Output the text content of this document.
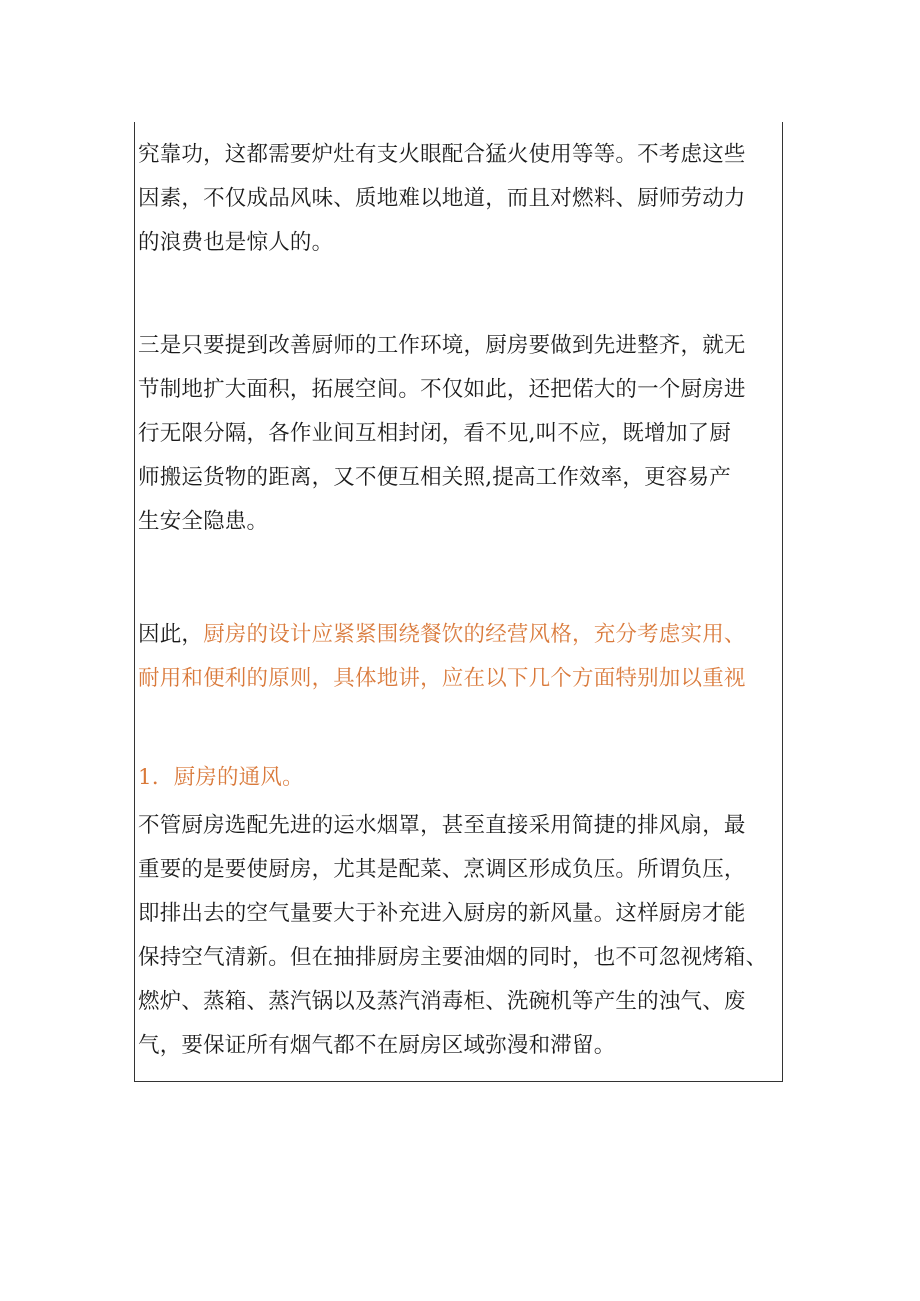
究靠功，这都需要炉灶有支火眼配合猛火使用等等。不考虑这些
因素，不仅成品风味、质地难以地道，而且对燃料、厨师劳动力
的浪费也是惊人的。
三是只要提到改善厨师的工作环境，厨房要做到先进整齐，就无
节制地扩大面积，拓展空间。不仅如此，还把偌大的一个厨房进
行无限分隔，各作业间互相封闭，看不见,叫不应，既增加了厨
师搬运货物的距离，又不便互相关照,提高工作效率，更容易产
生安全隐患。
因此，厨房的设计应紧紧围绕餐饮的经营风格，充分考虑实用、
耐用和便利的原则，具体地讲，应在以下几个方面特别加以重视
1．厨房的通风。
不管厨房选配先进的运水烟罩，甚至直接采用简捷的排风扇，最
重要的是要使厨房，尤其是配菜、烹调区形成负压。所谓负压，
即排出去的空气量要大于补充进入厨房的新风量。这样厨房才能
保持空气清新。但在抽排厨房主要油烟的同时，也不可忽视烤箱、
燃炉、蒸箱、蒸汽锅以及蒸汽消毒柜、洗碗机等产生的浊气、废
气，要保证所有烟气都不在厨房区域弥漫和滞留。
